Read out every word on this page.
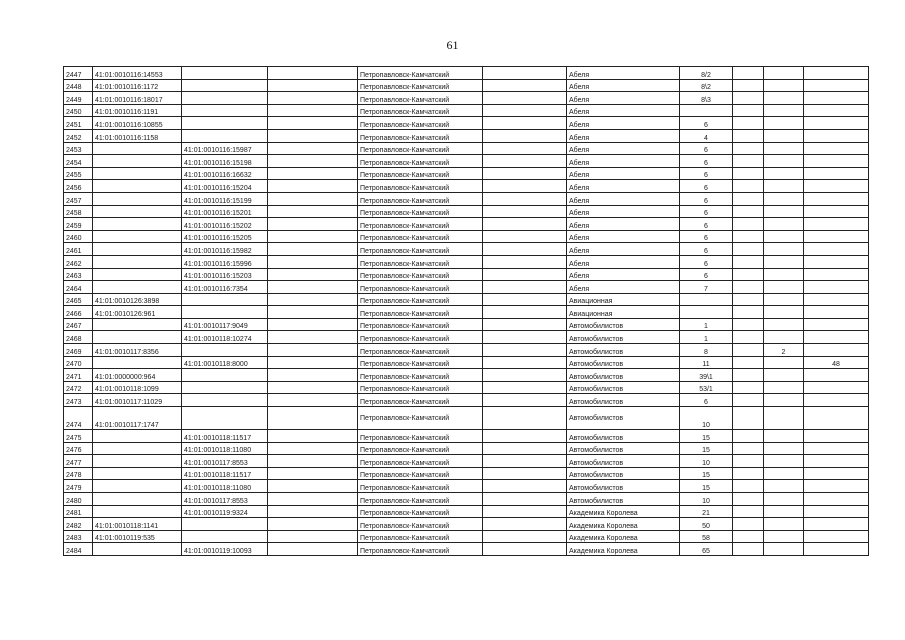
61
2447	41:01:0010116:14553			Петропавловск-Камчатский		Абеля	8/2			
2448	41:01:0010116:1172			Петропавловск-Камчатский		Абеля	8\2			
2449	41:01:0010116:18017			Петропавловск-Камчатский		Абеля	8\3			
2450	41:01:0010116:1191			Петропавловск-Камчатский		Абеля				
2451	41:01:0010116:10855			Петропавловск-Камчатский		Абеля	6			
2452	41:01:0010116:1158			Петропавловск-Камчатский		Абеля	4			
2453		41:01:0010116:15987		Петропавловск-Камчатский		Абеля	6			
2454		41:01:0010116:15198		Петропавловск-Камчатский		Абеля	6			
2455		41:01:0010116:16632		Петропавловск-Камчатский		Абеля	6			
2456		41:01:0010116:15204		Петропавловск-Камчатский		Абеля	6			
2457		41:01:0010116:15199		Петропавловск-Камчатский		Абеля	6			
2458		41:01:0010116:15201		Петропавловск-Камчатский		Абеля	6			
2459		41:01:0010116:15202		Петропавловск-Камчатский		Абеля	6			
2460		41:01:0010116:15205		Петропавловск-Камчатский		Абеля	6			
2461		41:01:0010116:15982		Петропавловск-Камчатский		Абеля	6			
2462		41:01:0010116:15996		Петропавловск-Камчатский		Абеля	6			
2463		41:01:0010116:15203		Петропавловск-Камчатский		Абеля	6			
2464		41:01:0010116:7354		Петропавловск-Камчатский		Абеля	7			
2465	41:01:0010126:3898			Петропавловск-Камчатский		Авиационная				
2466	41:01:0010126:961			Петропавловск-Камчатский		Авиационная				
2467		41:01:0010117:9049		Петропавловск-Камчатский		Автомобилистов	1			
2468		41:01:0010118:10274		Петропавловск-Камчатский		Автомобилистов	1			
2469	41:01:0010117:8356			Петропавловск-Камчатский		Автомобилистов	8		2	
2470		41:01:0010118:8000		Петропавловск-Камчатский		Автомобилистов	11			48
2471	41:01:0000000:964			Петропавловск-Камчатский		Автомобилистов	39\1			
2472	41:01:0010118:1099			Петропавловск-Камчатский		Автомобилистов	53/1			
2473	41:01:0010117:11029			Петропавловск-Камчатский		Автомобилистов	6			
2474	41:01:0010117:1747			Петропавловск-Камчатский		Автомобилистов	10			
2475		41:01:0010118:11517		Петропавловск-Камчатский		Автомобилистов	15			
2476		41:01:0010118:11080		Петропавловск-Камчатский		Автомобилистов	15			
2477		41:01:0010117:8553		Петропавловск-Камчатский		Автомобилистов	10			
2478		41:01:0010118:11517		Петропавловск-Камчатский		Автомобилистов	15			
2479		41:01:0010118:11080		Петропавловск-Камчатский		Автомобилистов	15			
2480		41:01:0010117:8553		Петропавловск-Камчатский		Автомобилистов	10			
2481		41:01:0010119:9324		Петропавловск-Камчатский		Академика Королева	21			
2482	41:01:0010118:1141			Петропавловск-Камчатский		Академика Королева	50			
2483	41:01:0010119:535			Петропавловск-Камчатский		Академика Королева	58			
2484		41:01:0010119:10093		Петропавловск-Камчатский		Академика Королева	65			
